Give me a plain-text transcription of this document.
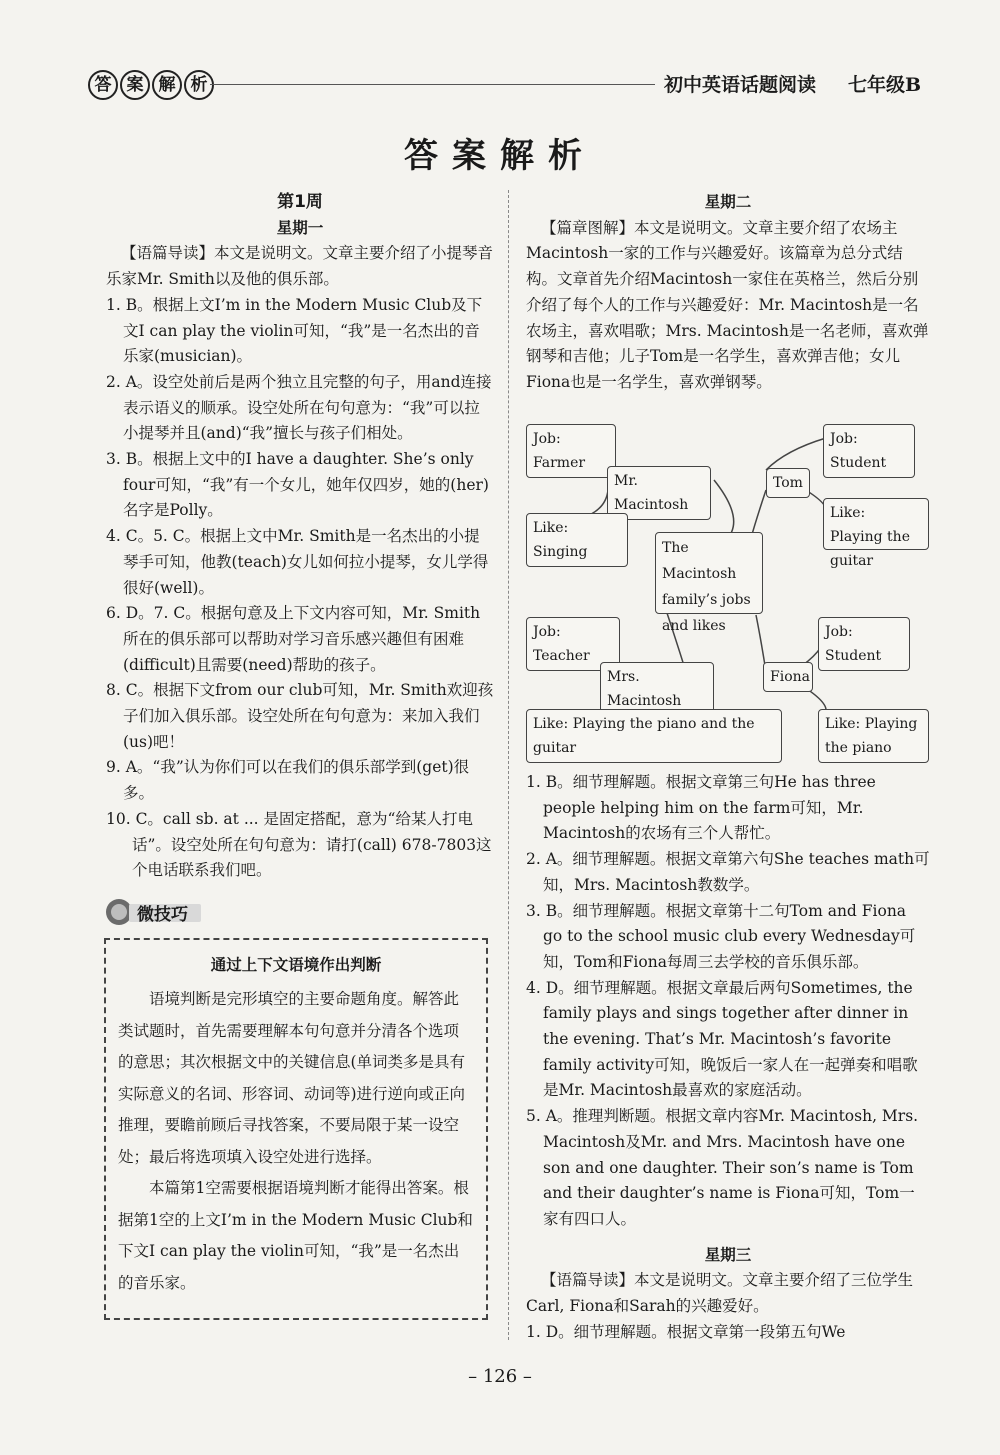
答 案 解 析	初中英语话题阅读 七年级B
答案解析

第1周

星期一

【语篇导读】本文是说明文。文章主要介绍了小提琴音乐家Mr. Smith以及他的俱乐部。

1. B。根据上文I’m in the Modern Music Club及下文I can play the violin可知，“我”是一名杰出的音乐家(musician)。

2. A。设空处前后是两个独立且完整的句子，用and连接表示语义的顺承。设空处所在句句意为：“我”可以拉小提琴并且(and)“我”擅长与孩子们相处。

3. B。根据上文中的I have a daughter. She’s only four可知，“我”有一个女儿，她年仅四岁，她的(her)名字是Polly。

4. C。5. C。根据上文中Mr. Smith是一名杰出的小提琴手可知，他教(teach)女儿如何拉小提琴，女儿学得很好(well)。

6. D。7. C。根据句意及上下文内容可知，Mr. Smith所在的俱乐部可以帮助对学习音乐感兴趣但有困难(difficult)且需要(need)帮助的孩子。

8. C。根据下文from our club可知，Mr. Smith欢迎孩子们加入俱乐部。设空处所在句句意为：来加入我们(us)吧！

9. A。“我”认为你们可以在我们的俱乐部学到(get)很多。

10. C。call sb. at ... 是固定搭配，意为“给某人打电话”。设空处所在句句意为：请打(call) 678-7803这个电话联系我们吧。

微技巧

通过上下文语境作出判断

语境判断是完形填空的主要命题角度。解答此类试题时，首先需要理解本句句意并分清各个选项的意思；其次根据文中的关键信息(单词类多是具有实际意义的名词、形容词、动词等)进行逆向或正向推理，要瞻前顾后寻找答案，不要局限于某一设空处；最后将选项填入设空处进行选择。

本篇第1空需要根据语境判断才能得出答案。根据第1空的上文I’m in the Modern Music Club和下文I can play the violin可知，“我”是一名杰出的音乐家。

星期二

【篇章图解】本文是说明文。文章主要介绍了农场主Macintosh一家的工作与兴趣爱好。该篇章为总分式结构。文章首先介绍Macintosh一家住在英格兰，然后分别介绍了每个人的工作与兴趣爱好：Mr. Macintosh是一名农场主，喜欢唱歌；Mrs. Macintosh是一名老师，喜欢弹钢琴和吉他；儿子Tom是一名学生，喜欢弹吉他；女儿Fiona也是一名学生，喜欢弹钢琴。

Job: Farmer
Mr. Macintosh
Like: Singing
Job: Student
Tom
Like: Playing the guitar
The Macintosh family’s jobs and likes
Job: Teacher
Job: Student
Mrs. Macintosh
Fiona
Like: Playing the piano and the guitar
Like: Playing the piano

1. B。细节理解题。根据文章第三句He has three people helping him on the farm可知，Mr. Macintosh的农场有三个人帮忙。

2. A。细节理解题。根据文章第六句She teaches math可知，Mrs. Macintosh教数学。

3. B。细节理解题。根据文章第十二句Tom and Fiona go to the school music club every Wednesday可知，Tom和Fiona每周三去学校的音乐俱乐部。

4. D。细节理解题。根据文章最后两句Sometimes, the family plays and sings together after dinner in the evening. That’s Mr. Macintosh’s favorite family activity可知，晚饭后一家人在一起弹奏和唱歌是Mr. Macintosh最喜欢的家庭活动。

5. A。推理判断题。根据文章内容Mr. Macintosh, Mrs. Macintosh及Mr. and Mrs. Macintosh have one son and one daughter. Their son’s name is Tom and their daughter’s name is Fiona可知，Tom一家有四口人。

星期三

【语篇导读】本文是说明文。文章主要介绍了三位学生Carl, Fiona和Sarah的兴趣爱好。

1. D。细节理解题。根据文章第一段第五句We

– 126 –
